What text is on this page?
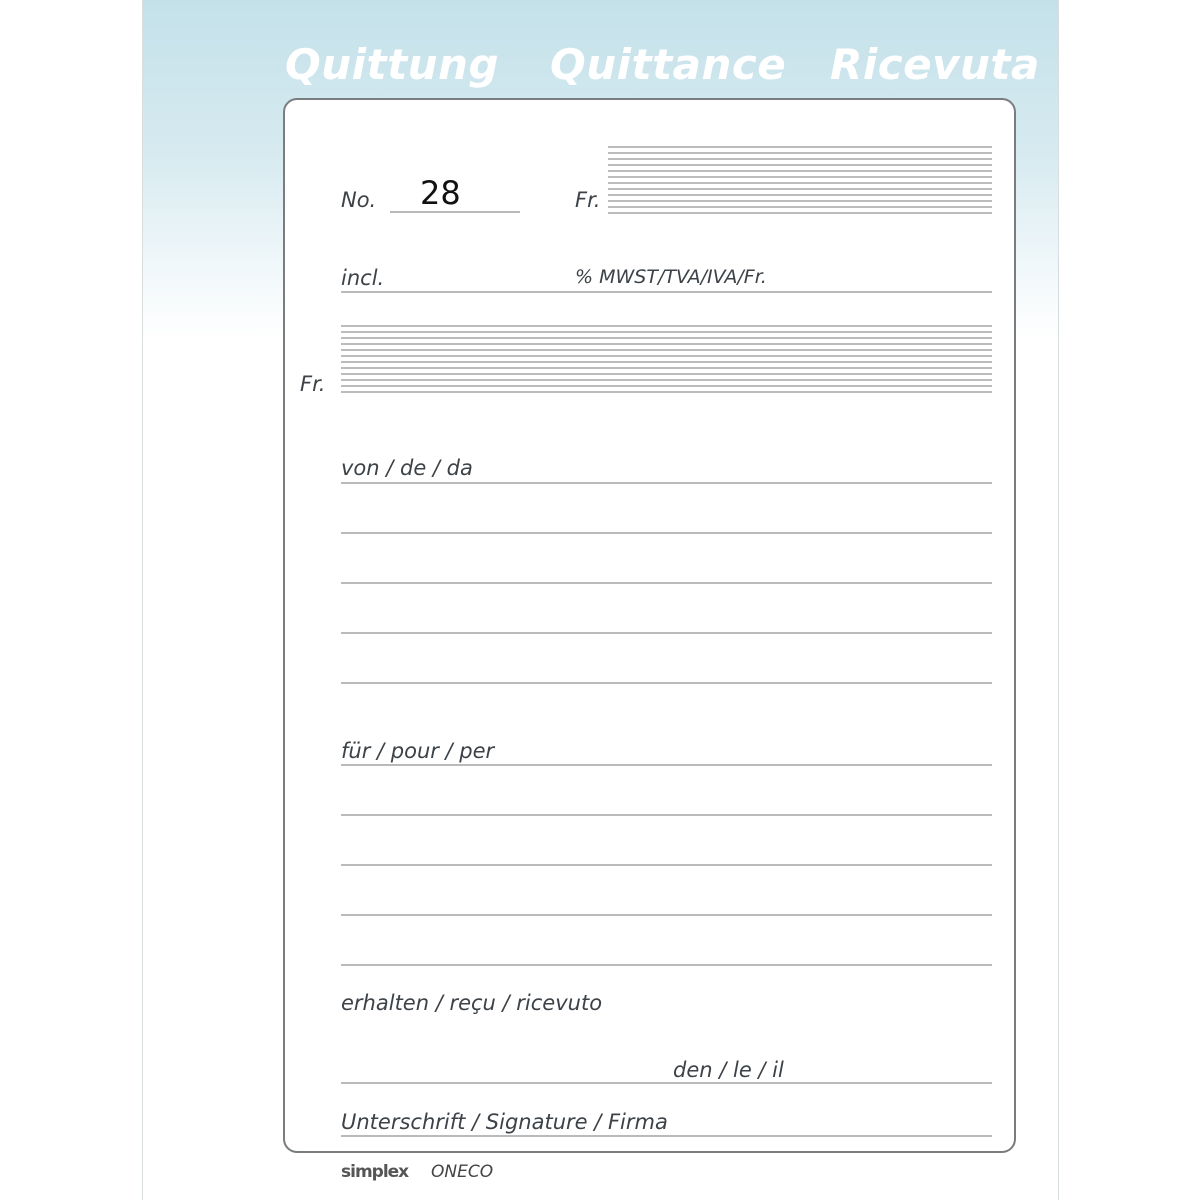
Quittung Quittance Ricevuta
No. 28	Fr.
incl.	% MWST/TVA/IVA/Fr.
Fr.
von / de / da
für / pour / per
erhalten / reçu / ricevuto
den / le / il
Unterschrift / Signature / Firma
simplex ONECO
